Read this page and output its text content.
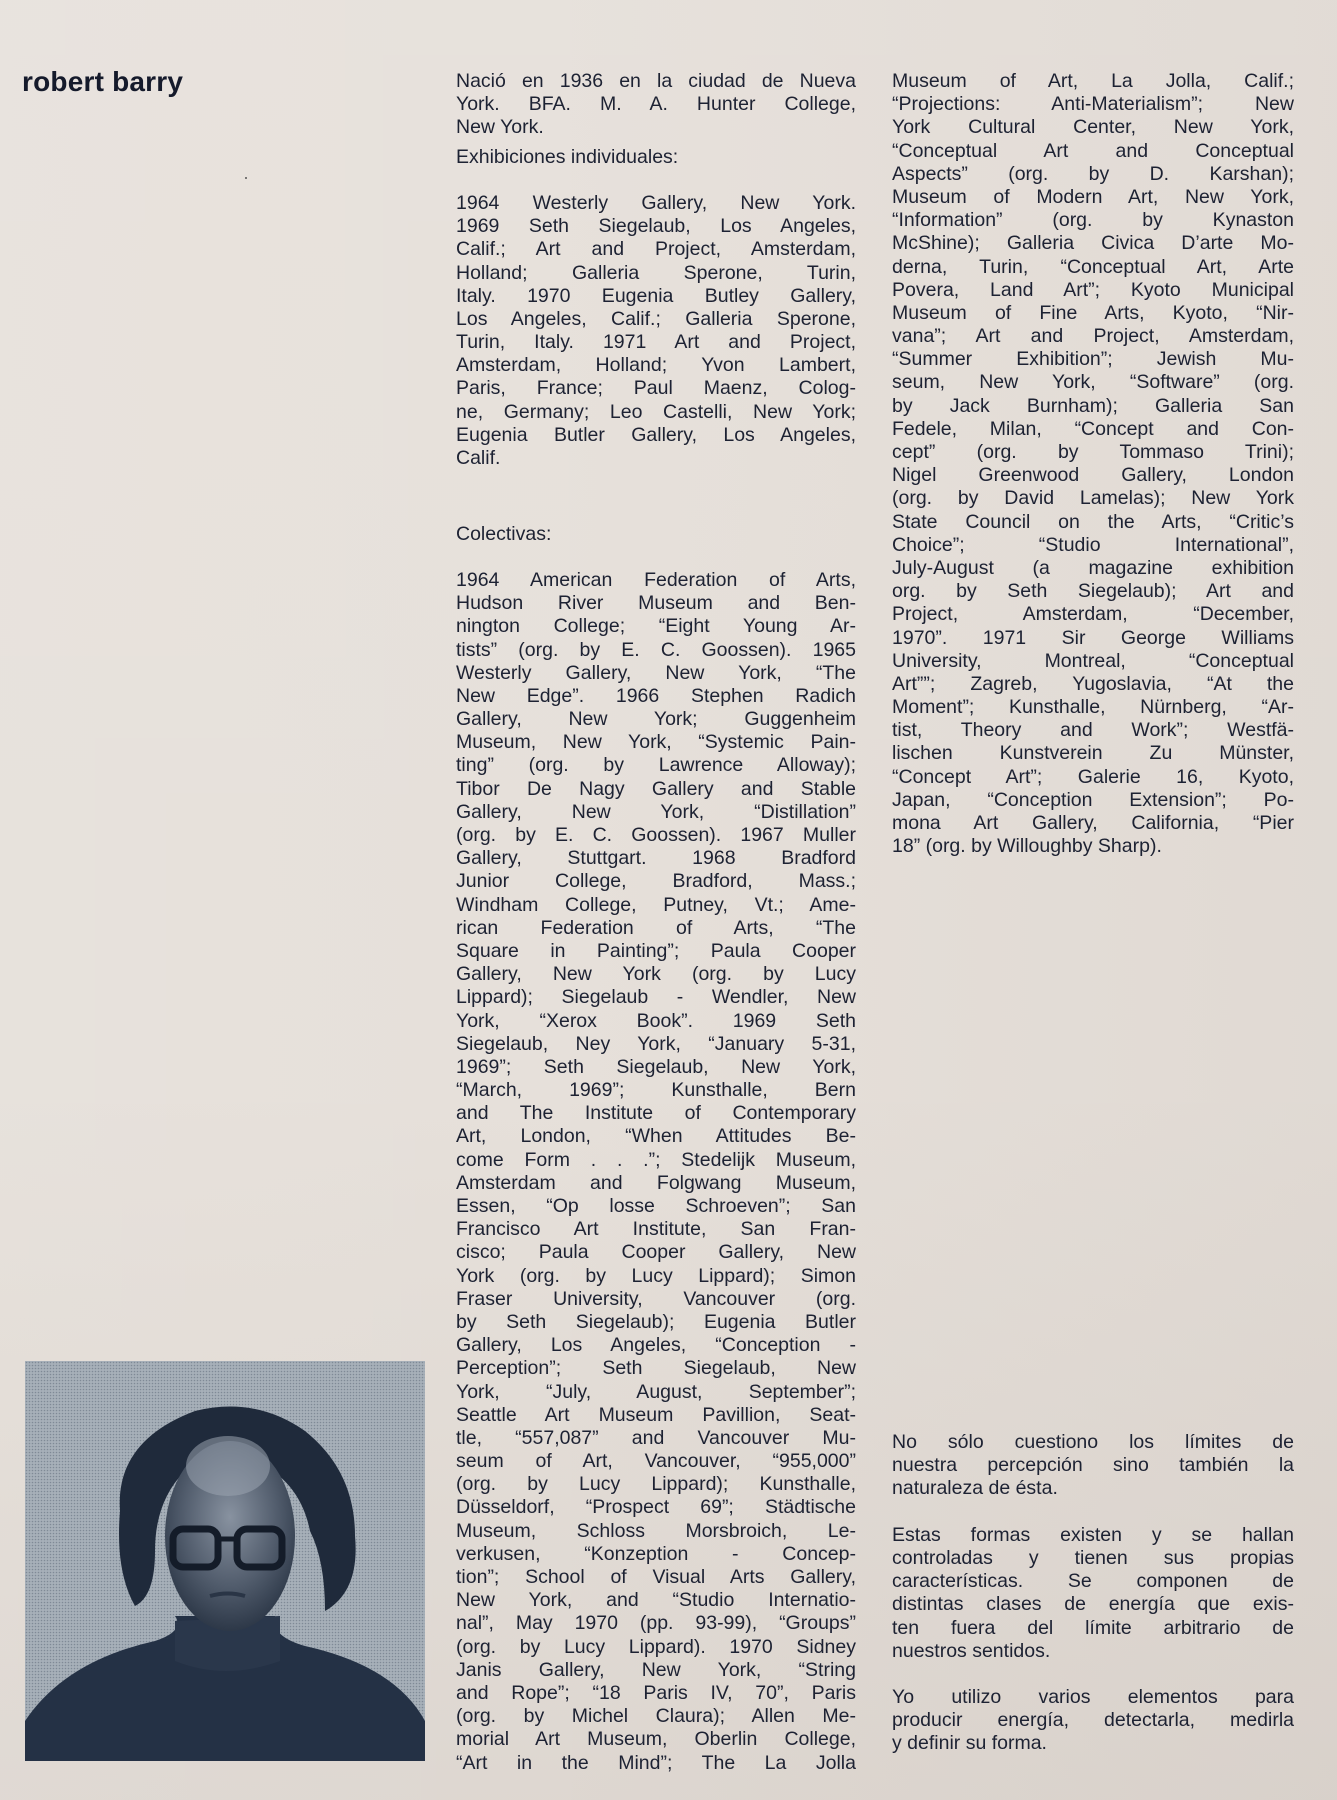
robert barry	Nació en 1936 en la ciudad de Nueva
York. BFA. M. A. Hunter College,
New York.
Exhibiciones individuales:
1964 Westerly Gallery, New York.
1969 Seth Siegelaub, Los Angeles,
Calif.; Art and Project, Amsterdam,
Holland; Galleria Sperone, Turin,
Italy. 1970 Eugenia Butley Gallery,
Los Angeles, Calif.; Galleria Sperone,
Turin, Italy. 1971 Art and Project,
Amsterdam, Holland; Yvon Lambert,
Paris, France; Paul Maenz, Colog-
ne, Germany; Leo Castelli, New York;
Eugenia Butler Gallery, Los Angeles,
Calif.
Colectivas:
1964 American Federation of Arts,
Hudson River Museum and Ben-
nington College; “Eight Young Ar-
tists” (org. by E. C. Goossen). 1965
Westerly Gallery, New York, “The
New Edge”. 1966 Stephen Radich
Gallery, New York; Guggenheim
Museum, New York, “Systemic Pain-
ting” (org. by Lawrence Alloway);
Tibor De Nagy Gallery and Stable
Gallery, New York, “Distillation”
(org. by E. C. Goossen). 1967 Muller
Gallery, Stuttgart. 1968 Bradford
Junior College, Bradford, Mass.;
Windham College, Putney, Vt.; Ame-
rican Federation of Arts, “The
Square in Painting”; Paula Cooper
Gallery, New York (org. by Lucy
Lippard); Siegelaub - Wendler, New
York, “Xerox Book”. 1969 Seth
Siegelaub, Ney York, “January 5-31,
1969”; Seth Siegelaub, New York,
“March, 1969”; Kunsthalle, Bern
and The Institute of Contemporary
Art, London, “When Attitudes Be-
come Form . . .”; Stedelijk Museum,
Amsterdam and Folgwang Museum,
Essen, “Op losse Schroeven”; San
Francisco Art Institute, San Fran-
cisco; Paula Cooper Gallery, New
York (org. by Lucy Lippard); Simon
Fraser University, Vancouver (org.
by Seth Siegelaub); Eugenia Butler
Gallery, Los Angeles, “Conception -
Perception”; Seth Siegelaub, New
York, “July, August, September”;
Seattle Art Museum Pavillion, Seat-
tle, “557,087” and Vancouver Mu-
seum of Art, Vancouver, “955,000”
(org. by Lucy Lippard); Kunsthalle,
Düsseldorf, “Prospect 69”; Städtische
Museum, Schloss Morsbroich, Le-
verkusen, “Konzeption - Concep-
tion”; School of Visual Arts Gallery,
New York, and “Studio Internatio-
nal”, May 1970 (pp. 93-99), “Groups”
(org. by Lucy Lippard). 1970 Sidney
Janis Gallery, New York, “String
and Rope”; “18 Paris IV, 70”, Paris
(org. by Michel Claura); Allen Me-
morial Art Museum, Oberlin College,
“Art in the Mind”; The La Jolla
Museum of Art, La Jolla, Calif.;
“Projections: Anti-Materialism”; New
York Cultural Center, New York,
“Conceptual Art and Conceptual
Aspects” (org. by D. Karshan);
Museum of Modern Art, New York,
“Information” (org. by Kynaston
McShine); Galleria Civica D’arte Mo-
derna, Turin, “Conceptual Art, Arte
Povera, Land Art”; Kyoto Municipal
Museum of Fine Arts, Kyoto, “Nir-
vana”; Art and Project, Amsterdam,
“Summer Exhibition”; Jewish Mu-
seum, New York, “Software” (org.
by Jack Burnham); Galleria San
Fedele, Milan, “Concept and Con-
cept” (org. by Tommaso Trini);
Nigel Greenwood Gallery, London
(org. by David Lamelas); New York
State Council on the Arts, “Critic’s
Choice”; “Studio International”,
July-August (a magazine exhibition
org. by Seth Siegelaub); Art and
Project, Amsterdam, “December,
1970”. 1971 Sir George Williams
University, Montreal, “Conceptual
Art””; Zagreb, Yugoslavia, “At the
Moment”; Kunsthalle, Nürnberg, “Ar-
tist, Theory and Work”; Westfä-
lischen Kunstverein Zu Münster,
“Concept Art”; Galerie 16, Kyoto,
Japan, “Conception Extension”; Po-
mona Art Gallery, California, “Pier
18” (org. by Willoughby Sharp).
No sólo cuestiono los límites de
nuestra percepción sino también la
naturaleza de ésta.
Estas formas existen y se hallan
controladas y tienen sus propias
características. Se componen de
distintas clases de energía que exis-
ten fuera del límite arbitrario de
nuestros sentidos.
Yo utilizo varios elementos para
producir energía, detectarla, medirla
y definir su forma.
